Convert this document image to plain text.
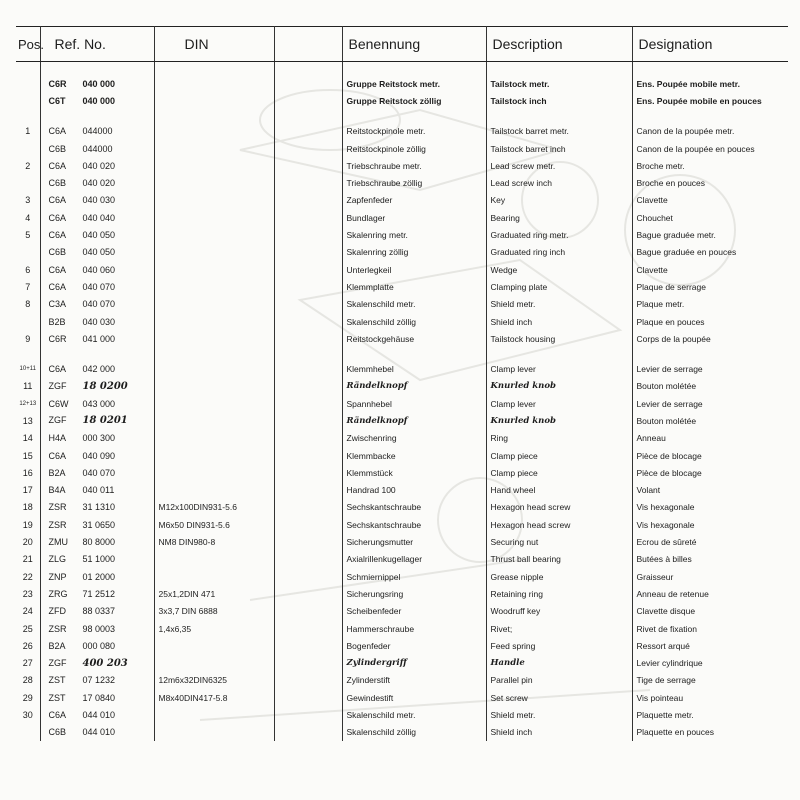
Pos.	Ref. No.	DIN		Benennung	Description	Designation

	C6R 040 000			Gruppe Reitstock metr.	Tailstock metr.	Ens. Poupée mobile metr.
	C6T 040 000			Gruppe Reitstock zöllig	Tailstock inch	Ens. Poupée mobile en pouces

1	C6A 044000			Reitstockpinole metr.	Tailstock barret metr.	Canon de la poupée metr.
	C6B 044000			Reitstockpinole zöllig	Tailstock barret inch	Canon de la poupée en pouces
2	C6A 040 020			Triebschraube metr.	Lead screw metr.	Broche metr.
	C6B 040 020			Triebschraube zöllig	Lead screw inch	Broche en pouces
3	C6A 040 030			Zapfenfeder	Key	Clavette
4	C6A 040 040			Bundlager	Bearing	Chouchet
5	C6A 040 050			Skalenring metr.	Graduated ring metr.	Bague graduée metr.
	C6B 040 050			Skalenring zöllig	Graduated ring inch	Bague graduée en pouces
6	C6A 040 060			Unterlegkeil	Wedge	Clavette
7	C6A 040 070			Klemmplatte	Clamping plate	Plaque de serrage
8	C3A 040 070			Skalenschild metr.	Shield metr.	Plaque metr.
	B2B 040 030			Skalenschild zöllig	Shield inch	Plaque en pouces
9	C6R 041 000			Reitstockgehäuse	Tailstock housing	Corps de la poupée

10+11	C6A 042 000			Klemmhebel	Clamp lever	Levier de serrage
11	ZGF 18 0200			Rändelknopf	Knurled knob	Bouton molétée
12+13	C6W 043 000			Spannhebel	Clamp lever	Levier de serrage
13	ZGF 18 0201			Rändelknopf	Knurled knob	Bouton molétée
14	H4A 000 300			Zwischenring	Ring	Anneau
15	C6A 040 090			Klemmbacke	Clamp piece	Pièce de blocage
16	B2A 040 070			Klemmstück	Clamp piece	Pièce de blocage
17	B4A 040 011			Handrad 100	Hand wheel	Volant
18	ZSR 31 1310	M12x100DIN931-5.6		Sechskantschraube	Hexagon head screw	Vis hexagonale
19	ZSR 31 0650	M6x50 DIN931-5.6		Sechskantschraube	Hexagon head screw	Vis hexagonale
20	ZMU 80 8000	NM8 DIN980-8		Sicherungsmutter	Securing nut	Ecrou de sûreté
21	ZLG 51 1000			Axialrillenkugellager	Thrust ball bearing	Butées à billes
22	ZNP 01 2000			Schmiernippel	Grease nipple	Graisseur
23	ZRG 71 2512	25x1,2DIN 471		Sicherungsring	Retaining ring	Anneau de retenue
24	ZFD 88 0337	3x3,7 DIN 6888		Scheibenfeder	Woodruff key	Clavette disque
25	ZSR 98 0003	1,4x6,35		Hammerschraube	Rivet;	Rivet de fixation
26	B2A 000 080			Bogenfeder	Feed spring	Ressort arqué
27	ZGF 400 203			Zylindergriff	Handle	Levier cylindrique
28	ZST 07 1232	12m6x32DIN6325		Zylinderstift	Parallel pin	Tige de serrage
29	ZST 17 0840	M8x40DIN417-5.8		Gewindestift	Set screw	Vis pointeau
30	C6A 044 010			Skalenschild metr.	Shield metr.	Plaquette metr.
	C6B 044 010			Skalenschild zöllig	Shield inch	Plaquette en pouces
